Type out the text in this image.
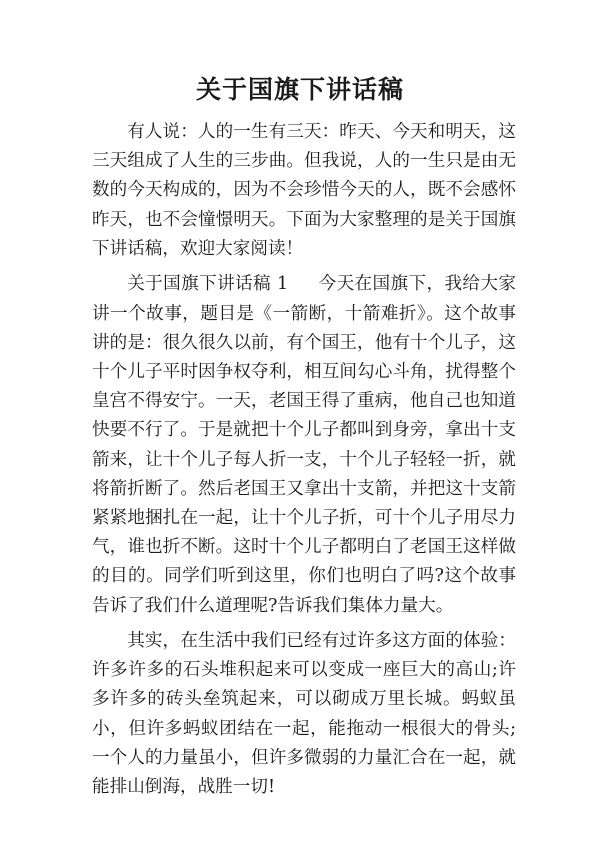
关于国旗下讲话稿

有人说：人的一生有三天：昨天、今天和明天，这三天组成了人生的三步曲。但我说，人的一生只是由无数的今天构成的，因为不会珍惜今天的人，既不会感怀昨天，也不会憧憬明天。下面为大家整理的是关于国旗下讲话稿，欢迎大家阅读！

关于国旗下讲话稿 1 今天在国旗下，我给大家讲一个故事，题目是《一箭断，十箭难折》。这个故事讲的是：很久很久以前，有个国王，他有十个儿子，这十个儿子平时因争权夺利，相互间勾心斗角，扰得整个皇宫不得安宁。一天，老国王得了重病，他自己也知道快要不行了。于是就把十个儿子都叫到身旁，拿出十支箭来，让十个儿子每人折一支，十个儿子轻轻一折，就将箭折断了。然后老国王又拿出十支箭，并把这十支箭紧紧地捆扎在一起，让十个儿子折，可十个儿子用尽力气，谁也折不断。这时十个儿子都明白了老国王这样做的目的。同学们听到这里，你们也明白了吗?这个故事告诉了我们什么道理呢?告诉我们集体力量大。

其实，在生活中我们已经有过许多这方面的体验：许多许多的石头堆积起来可以变成一座巨大的高山;许多许多的砖头垒筑起来，可以砌成万里长城。蚂蚁虽小，但许多蚂蚁团结在一起，能拖动一根很大的骨头;一个人的力量虽小，但许多微弱的力量汇合在一起，就能排山倒海，战胜一切!
